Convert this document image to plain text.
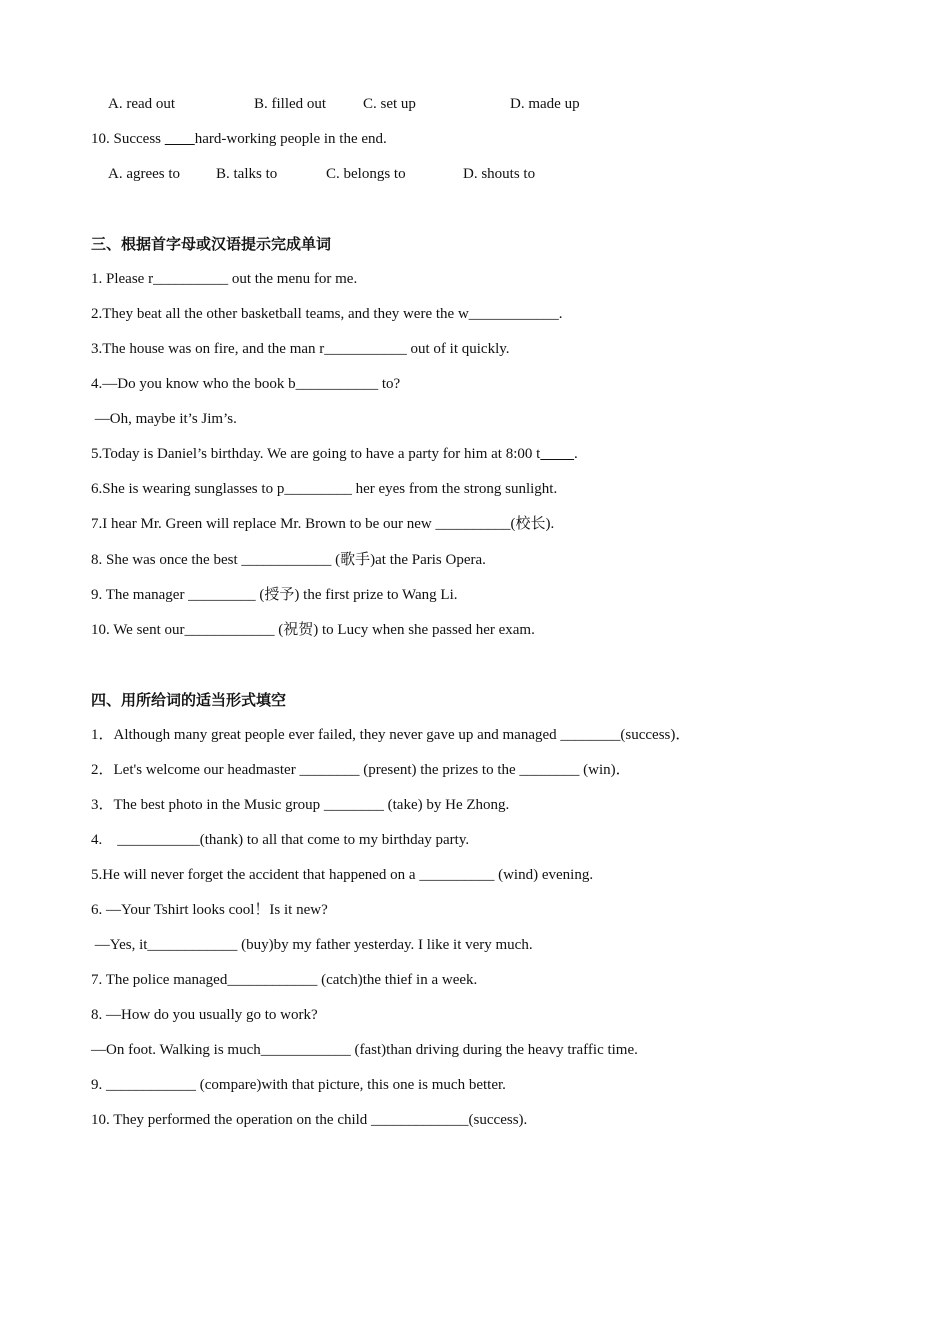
A. read out	B. filled out C. set up	D. made up
10. Success         hard-working people in the end.
A. agrees to B. talks to	C. belongs to	D. shouts to
三、根据首字母或汉语提示完成单词
1. Please r__________ out the menu for me.
2.They beat all the other basketball teams, and they were the w____________.
3.The house was on fire, and the man r___________ out of it quickly.
4.—Do you know who the book b___________ to?
—Oh, maybe it’s Jim’s.
5.Today is Daniel’s birthday. We are going to have a party for him at 8:00 t .
6.She is wearing sunglasses to p_________ her eyes from the strong sunlight.
7.I hear Mr. Green will replace Mr. Brown to be our new __________(校长).
8. She was once the best ____________ (歌手)at the Paris Opera.
9. The manager _________ (授予) the first prize to Wang Li.
10. We sent our____________ (祝贺) to Lucy when she passed her exam.
四、用所给词的适当形式填空
1．Although many great people ever failed, they never gave up and managed ________(success)．
2．Let's welcome our headmaster ________ (present) the prizes to the ________ (win)．
3．The best photo in the Music group ________ (take) by He Zhong.
4.    ___________(thank) to all that come to my birthday party.
5.He will never forget the accident that happened on a __________ (wind) evening.
6. —Your Tshirt looks cool！Is it new?
—Yes, it____________ (buy)by my father yesterday. I like it very much.
7. The police managed____________ (catch)the thief in a week.
8. —How do you usually go to work?
—On foot. Walking is much____________ (fast)than driving during the heavy traffic time.
9. ____________ (compare)with that picture, this one is much better.
10. They performed the operation on the child _____________(success).
